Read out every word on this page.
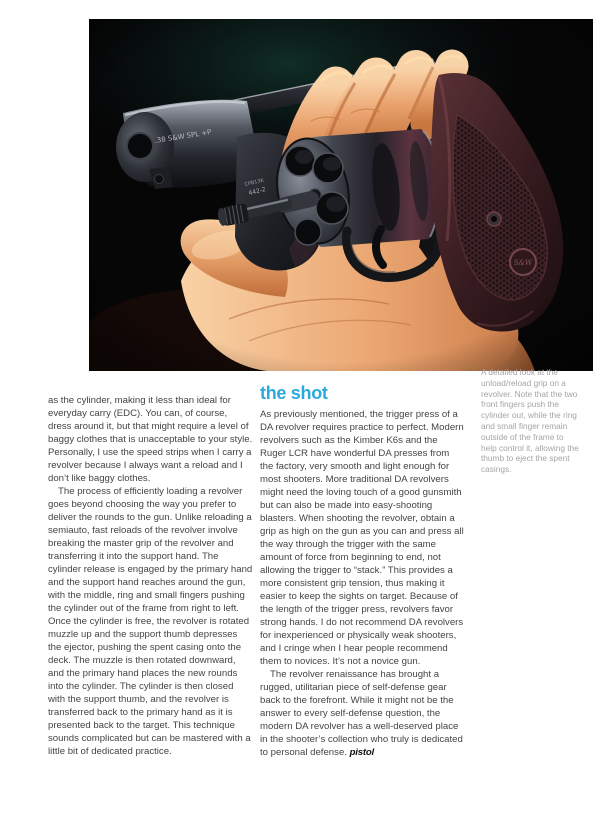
as the cylinder, making it less than ideal for everyday carry (EDC). You can, of course, dress around it, but that might require a level of baggy clothes that is unacceptable to your style. Personally, I use the speed strips when I carry a revolver because I always want a reload and I don’t like baggy clothes.

The process of efficiently loading a revolver goes beyond choosing the way you prefer to deliver the rounds to the gun. Unlike reloading a semiauto, fast reloads of the revolver involve breaking the master grip of the revolver and transferring it into the support hand. The cylinder release is engaged by the primary hand and the support hand reaches around the gun, with the middle, ring and small fingers pushing the cylinder out of the frame from right to left. Once the cylinder is free, the revolver is rotated muzzle up and the support thumb depresses the ejector, pushing the spent casing onto the deck. The muzzle is then rotated downward, and the primary hand places the new rounds into the cylinder. The cylinder is then closed with the support thumb, and the revolver is transferred back to the primary hand as it is presented back to the target. This technique sounds complicated but can be mastered with a little bit of dedicated practice.

the shot

As previously mentioned, the trigger press of a DA revolver requires practice to perfect. Modern revolvers such as the Kimber K6s and the Ruger LCR have wonderful DA presses from the factory, very smooth and light enough for most shooters. More traditional DA revolvers might need the loving touch of a good gunsmith but can also be made into easy-shooting blasters. When shooting the revolver, obtain a grip as high on the gun as you can and press all the way through the trigger with the same amount of force from beginning to end, not allowing the trigger to “stack.” This provides a more consistent grip tension, thus making it easier to keep the sights on target. Because of the length of the trigger press, revolvers favor strong hands. I do not recommend DA revolvers for inexperienced or physically weak shooters, and I cringe when I hear people recommend them to novices. It’s not a novice gun.

The revolver renaissance has brought a rugged, utilitarian piece of self-defense gear back to the forefront. While it might not be the answer to every self-defense question, the modern DA revolver has a well-deserved place in the shooter’s collection who truly is dedicated to personal defense. pistol

A detailed look at the unload/reload grip on a revolver. Note that the two front fingers push the cylinder out, while the ring and small finger remain outside of the frame to help control it, allowing the thumb to eject the spent casings.
